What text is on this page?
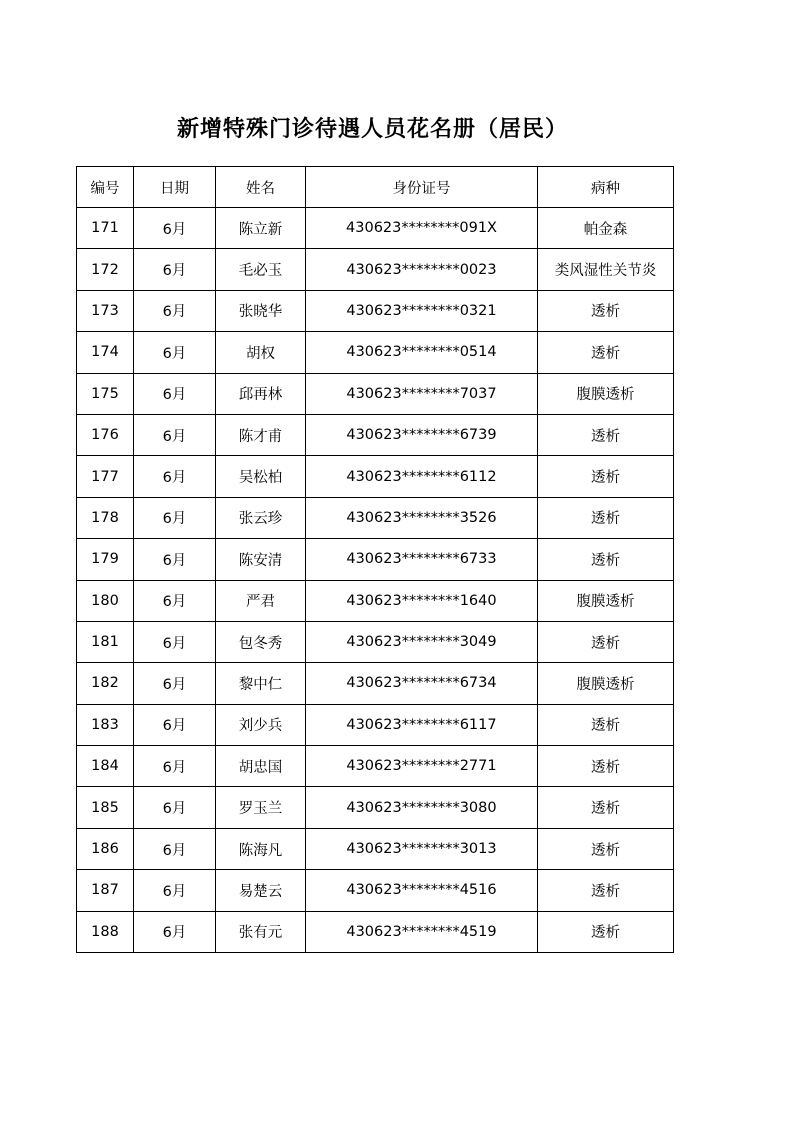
新增特殊门诊待遇人员花名册（居民）
编号	日期	姓名	身份证号	病种
171	6月	陈立新	430623********091X	帕金森
172	6月	毛必玉	430623********0023	类风湿性关节炎
173	6月	张晓华	430623********0321	透析
174	6月	胡权	430623********0514	透析
175	6月	邱再林	430623********7037	腹膜透析
176	6月	陈才甫	430623********6739	透析
177	6月	吴松柏	430623********6112	透析
178	6月	张云珍	430623********3526	透析
179	6月	陈安清	430623********6733	透析
180	6月	严君	430623********1640	腹膜透析
181	6月	包冬秀	430623********3049	透析
182	6月	黎中仁	430623********6734	腹膜透析
183	6月	刘少兵	430623********6117	透析
184	6月	胡忠国	430623********2771	透析
185	6月	罗玉兰	430623********3080	透析
186	6月	陈海凡	430623********3013	透析
187	6月	易楚云	430623********4516	透析
188	6月	张有元	430623********4519	透析
